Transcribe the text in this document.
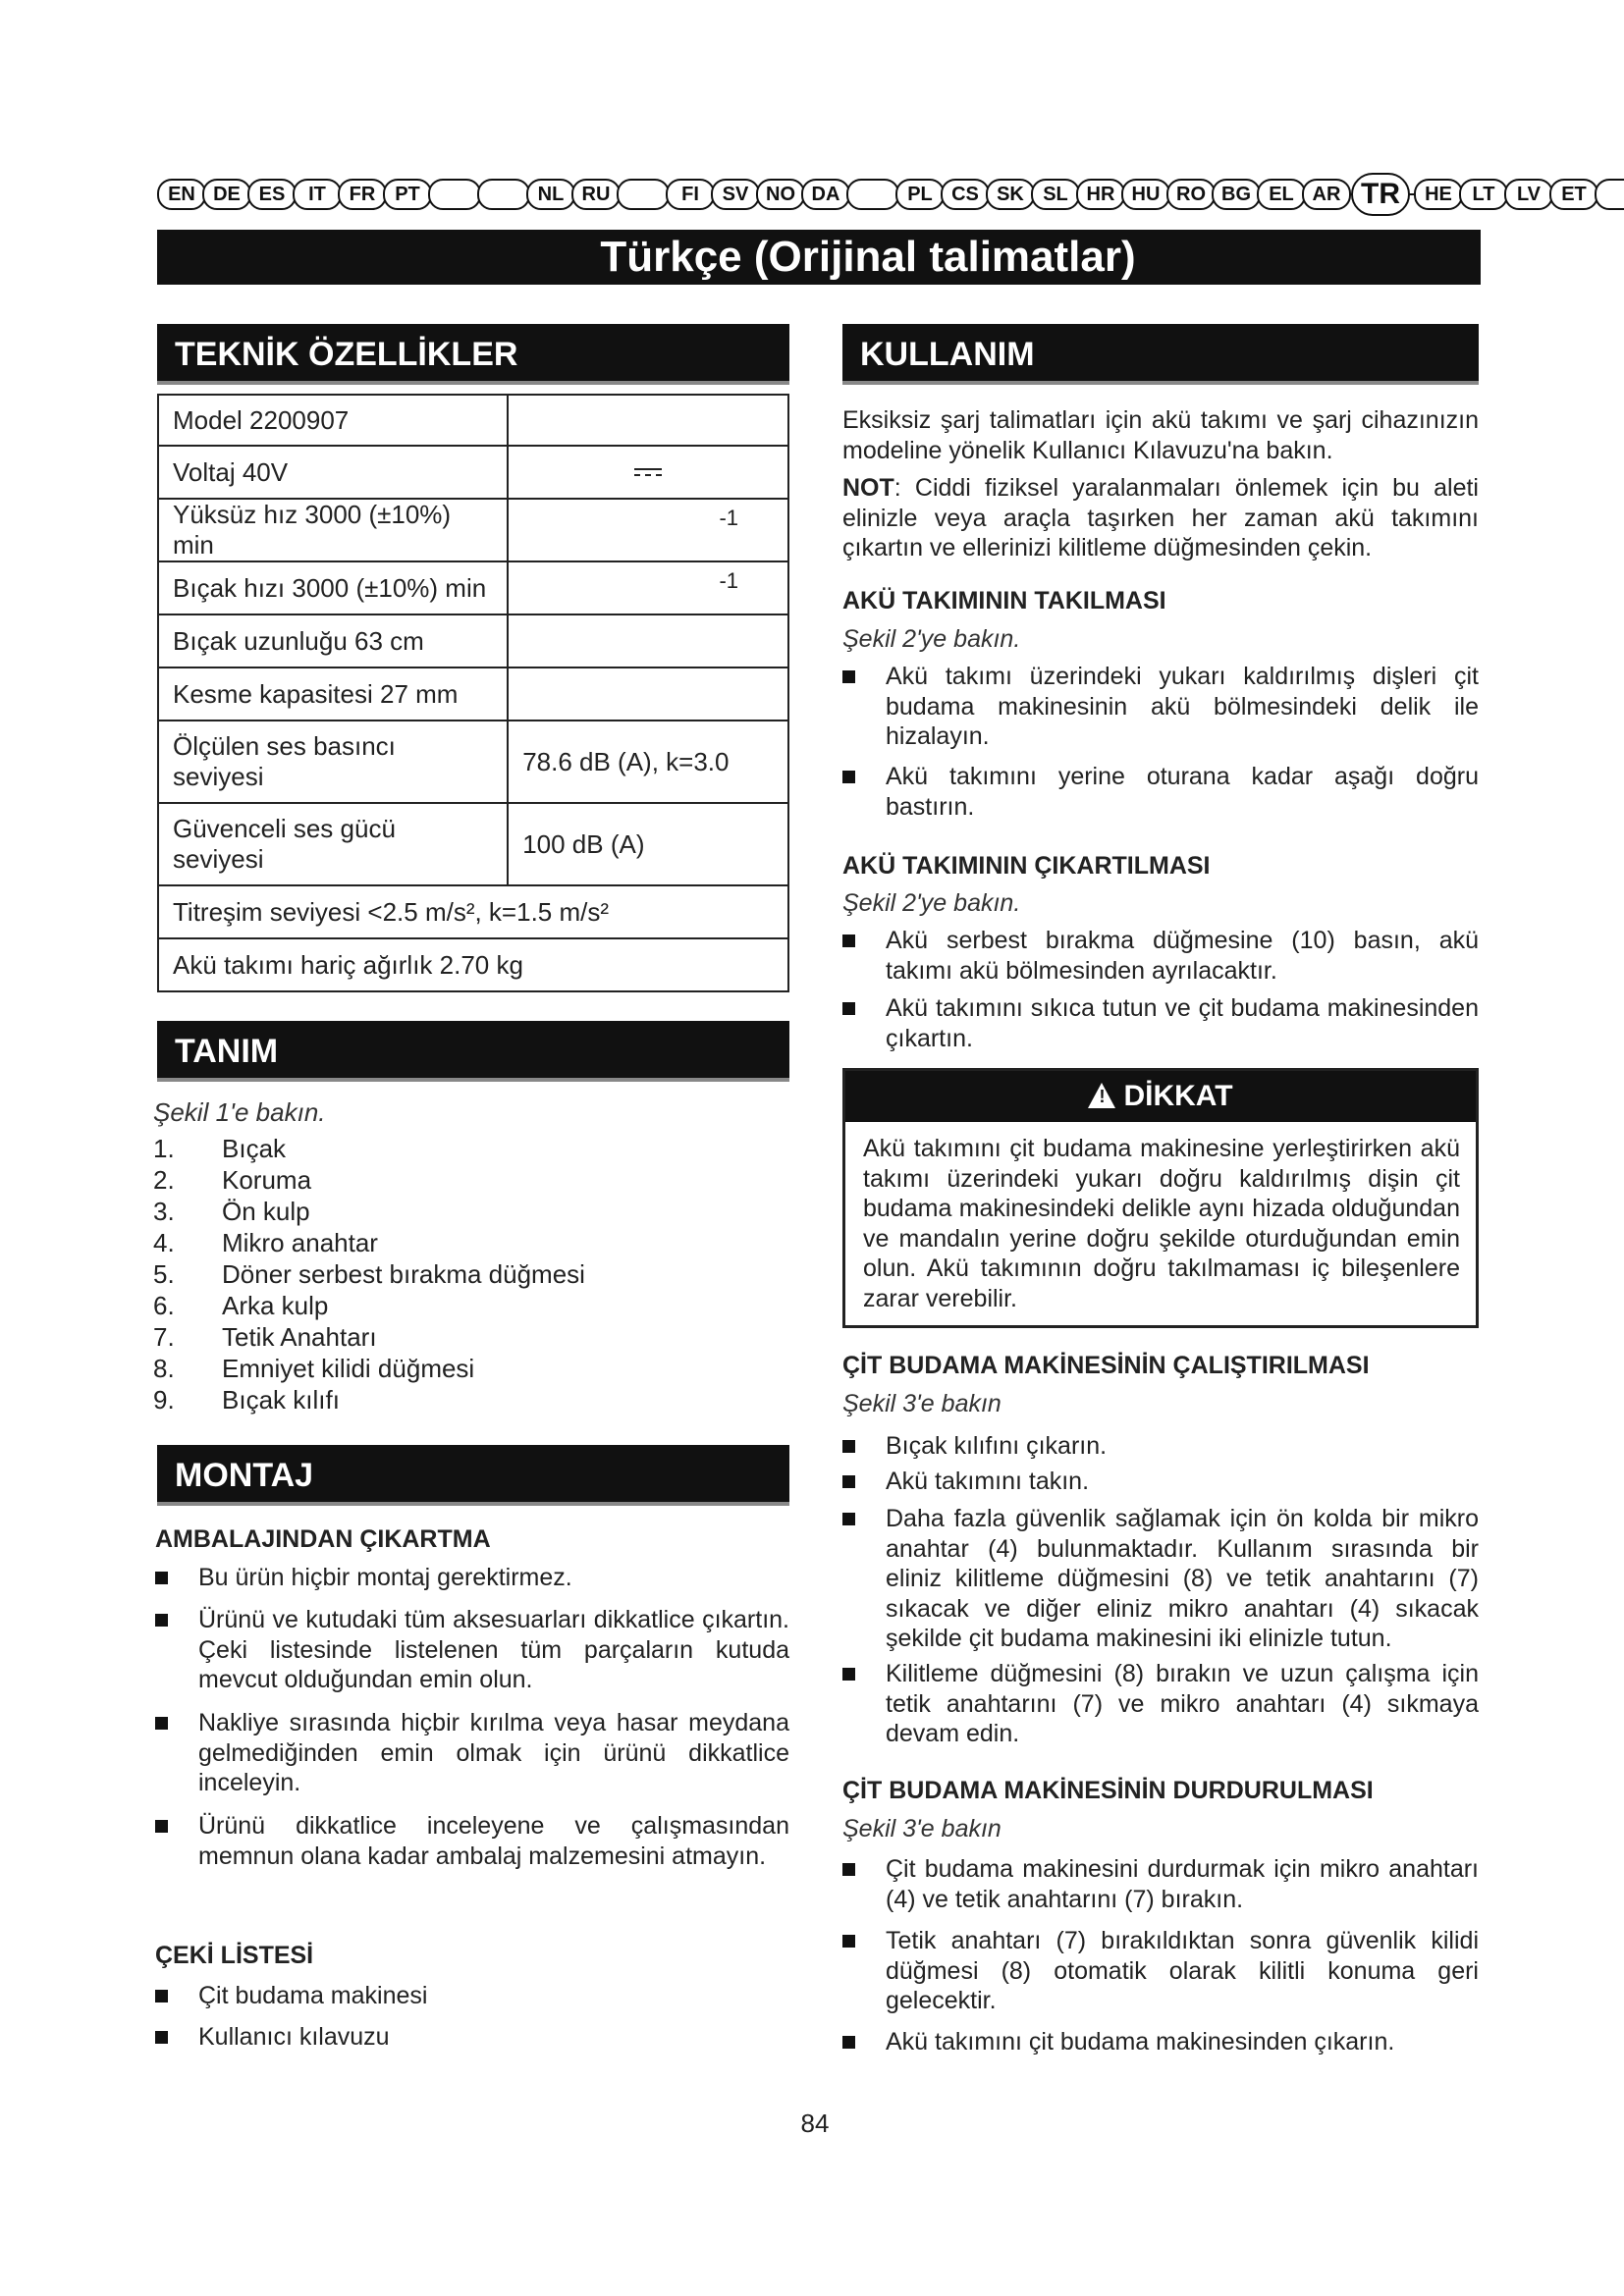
EN DE ES	IT	FR PT	NL RU	FI	SV NO DA	PL CS SK SL HR HU RO BG EL AR TR	HE	LT	LV	ET
Türkçe (Orijinal talimatlar)
TEKNİK ÖZELLİKLER
Model 2200907	
Voltaj 40V	

Yüksüz hız 3000 (±10%) min	-1

Bıçak hızı 3000 (±10%) min	-1

Bıçak uzunluğu 63 cm	
Kesme kapasitesi 27 mm	
Ölçülen ses basıncı seviyesi	78.6 dB (A), k=3.0
Güvenceli ses gücü seviyesi	100 dB (A)
Titreşim seviyesi <2.5 m/s², k=1.5 m/s²	
Akü takımı hariç ağırlık 2.70 kg	
TANIM
Şekil 1'e bakın.
1.	Bıçak
2.	Koruma
3.	Ön kulp
4.	Mikro anahtar
5.	Döner serbest bırakma düğmesi
6.	Arka kulp
7.	Tetik Anahtarı
8.	Emniyet kilidi düğmesi
9.	Bıçak kılıfı
MONTAJ
AMBALAJINDAN ÇIKARTMA
Bu ürün hiçbir montaj gerektirmez.
Ürünü ve kutudaki tüm aksesuarları dikkatlice çıkartın. Çeki listesinde listelenen tüm parçaların kutuda mevcut olduğundan emin olun.
Nakliye sırasında hiçbir kırılma veya hasar meydana gelmediğinden emin olmak için ürünü dikkatlice inceleyin.
Ürünü dikkatlice inceleyene ve çalışmasından memnun olana kadar ambalaj malzemesini atmayın.
ÇEKİ LİSTESİ
Çit budama makinesi
Kullanıcı kılavuzu
KULLANIM
Eksiksiz şarj talimatları için akü takımı ve şarj cihazınızın modeline yönelik Kullanıcı Kılavuzu'na bakın.
NOT: Ciddi fiziksel yaralanmaları önlemek için bu aleti elinizle veya araçla taşırken her zaman akü takımını çıkartın ve ellerinizi kilitleme düğmesinden çekin.
AKÜ TAKIMININ TAKILMASI
Şekil 2'ye bakın.
Akü takımı üzerindeki yukarı kaldırılmış dişleri çit budama makinesinin akü bölmesindeki delik ile hizalayın.
Akü takımını yerine oturana kadar aşağı doğru bastırın.
AKÜ TAKIMININ ÇIKARTILMASI
Şekil 2'ye bakın.
Akü serbest bırakma düğmesine (10) basın, akü takımı akü bölmesinden ayrılacaktır.
Akü takımını sıkıca tutun ve çit budama makinesinden çıkartın.
!DİKKAT
Akü takımını çit budama makinesine yerleştirirken akü takımı üzerindeki yukarı doğru kaldırılmış dişin çit budama makinesindeki delikle aynı hizada olduğundan ve mandalın yerine doğru şekilde oturduğundan emin olun. Akü takımının doğru takılmaması iç bileşenlere zarar verebilir.
ÇİT BUDAMA MAKİNESİNİN ÇALIŞTIRILMASI
Şekil 3'e bakın
Bıçak kılıfını çıkarın.
Akü takımını takın.
Daha fazla güvenlik sağlamak için ön kolda bir mikro anahtar (4) bulunmaktadır. Kullanım sırasında bir eliniz kilitleme düğmesini (8) ve tetik anahtarını (7) sıkacak ve diğer eliniz mikro anahtarı (4) sıkacak şekilde çit budama makinesini iki elinizle tutun.
Kilitleme düğmesini (8) bırakın ve uzun çalışma için tetik anahtarını (7) ve mikro anahtarı (4) sıkmaya devam edin.
ÇİT BUDAMA MAKİNESİNİN DURDURULMASI
Şekil 3'e bakın
Çit budama makinesini durdurmak için mikro anahtarı (4) ve tetik anahtarını (7) bırakın.
Tetik anahtarı (7) bırakıldıktan sonra güvenlik kilidi düğmesi (8) otomatik olarak kilitli konuma geri gelecektir.
Akü takımını çit budama makinesinden çıkarın.
84
